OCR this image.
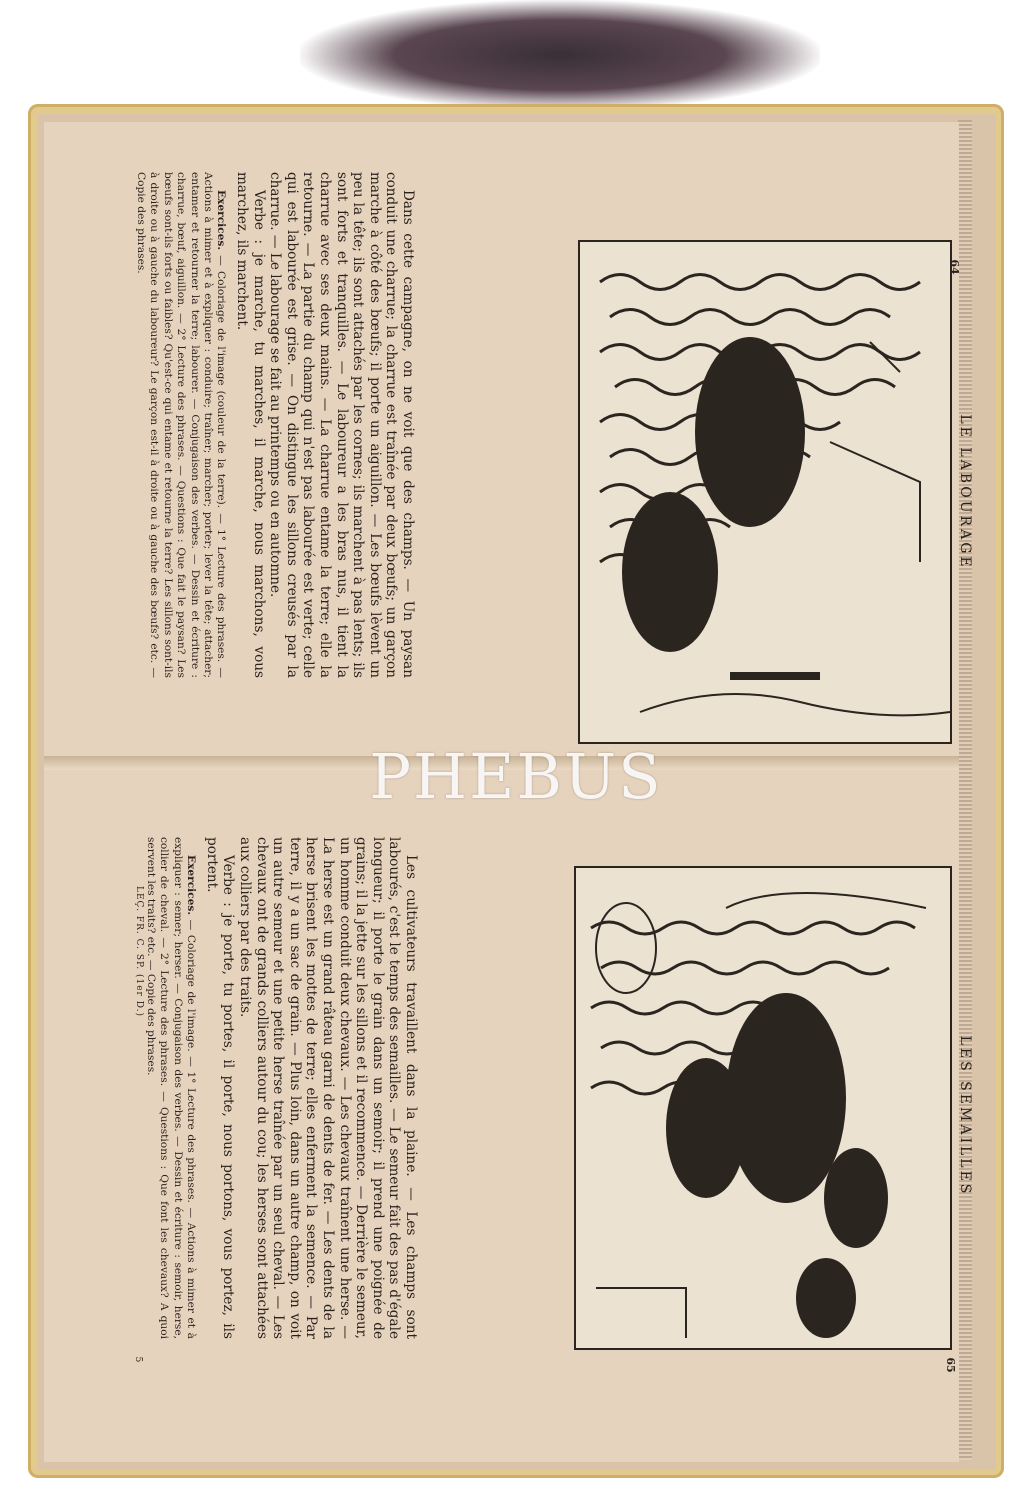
Dans cette campagne, on ne voit que des champs. — Un paysan conduit une charrue; la charrue est traînée par deux bœufs; un garçon marche à côté des bœufs; il porte un aiguillon. — Les bœufs lèvent un peu la tête; ils sont attachés par les cornes; ils marchent à pas lents; ils sont forts et tranquilles. — Le laboureur a les bras nus, il tient la charrue avec ses deux mains. — La charrue entame la terre; elle la retourne. — La partie du champ qui n'est pas labourée est verte; celle qui est labourée est grise. — On distingue les sillons creusés par la charrue. — Le labourage se fait au printemps ou en automne.

Verbe : je marche, tu marches, il marche, nous marchons, vous marchez, ils marchent.

Exercices. — Coloriage de l'image (couleur de la terre). — 1° Lecture des phrases. — Actions à mimer et à expliquer : conduire; traîner; marcher; porter; lever la tête; attacher; entamer et retourner la terre; labourer. — Conjugaison des verbes. — Dessin et écriture : charrue, bœuf, aiguillon. — 2° Lecture des phrases. — Questions : Que fait le paysan? Les bœufs sont-ils forts ou faibles? Qu'est-ce qui entame et retourne la terre? Les sillons sont-ils à droite ou à gauche du laboureur? Le garçon est-il à droite ou à gauche des bœufs? etc. — Copie des phrases.

LE LABOURAGE
64

Les cultivateurs travaillent dans la plaine. — Les champs sont labourés, c'est le temps des semailles. — Le semeur fait des pas d'égale longueur; il porte le grain dans un semoir; il prend une poignée de grains; il la jette sur les sillons et il recommence. — Derrière le semeur, un homme conduit deux chevaux. — Les chevaux traînent une herse. — La herse est un grand râteau garni de dents de fer. — Les dents de la herse brisent les mottes de terre; elles enferment la semence. — Par terre, il y a un sac de grain. — Plus loin, dans un autre champ, on voit un autre semeur et une petite herse traînée par un seul cheval. — Les chevaux ont de grands colliers autour du cou; les herses sont attachées aux colliers par des traits.

Verbe : je porte, tu portes, il porte, nous portons, vous portez, ils portent.

Exercices. — Coloriage de l'image. — 1° Lecture des phrases. — Actions à mimer et à expliquer : semer; herser. — Conjugaison des verbes. — Dessin et écriture : semoir, herse, collier de cheval. — 2° Lecture des phrases. — Questions : Que font les chevaux? A quoi servent les traits? etc. — Copie des phrases.

LES SEMAILLES
65
LEÇ. FR. C. SP. (1er D.)
5
PHEBUS
